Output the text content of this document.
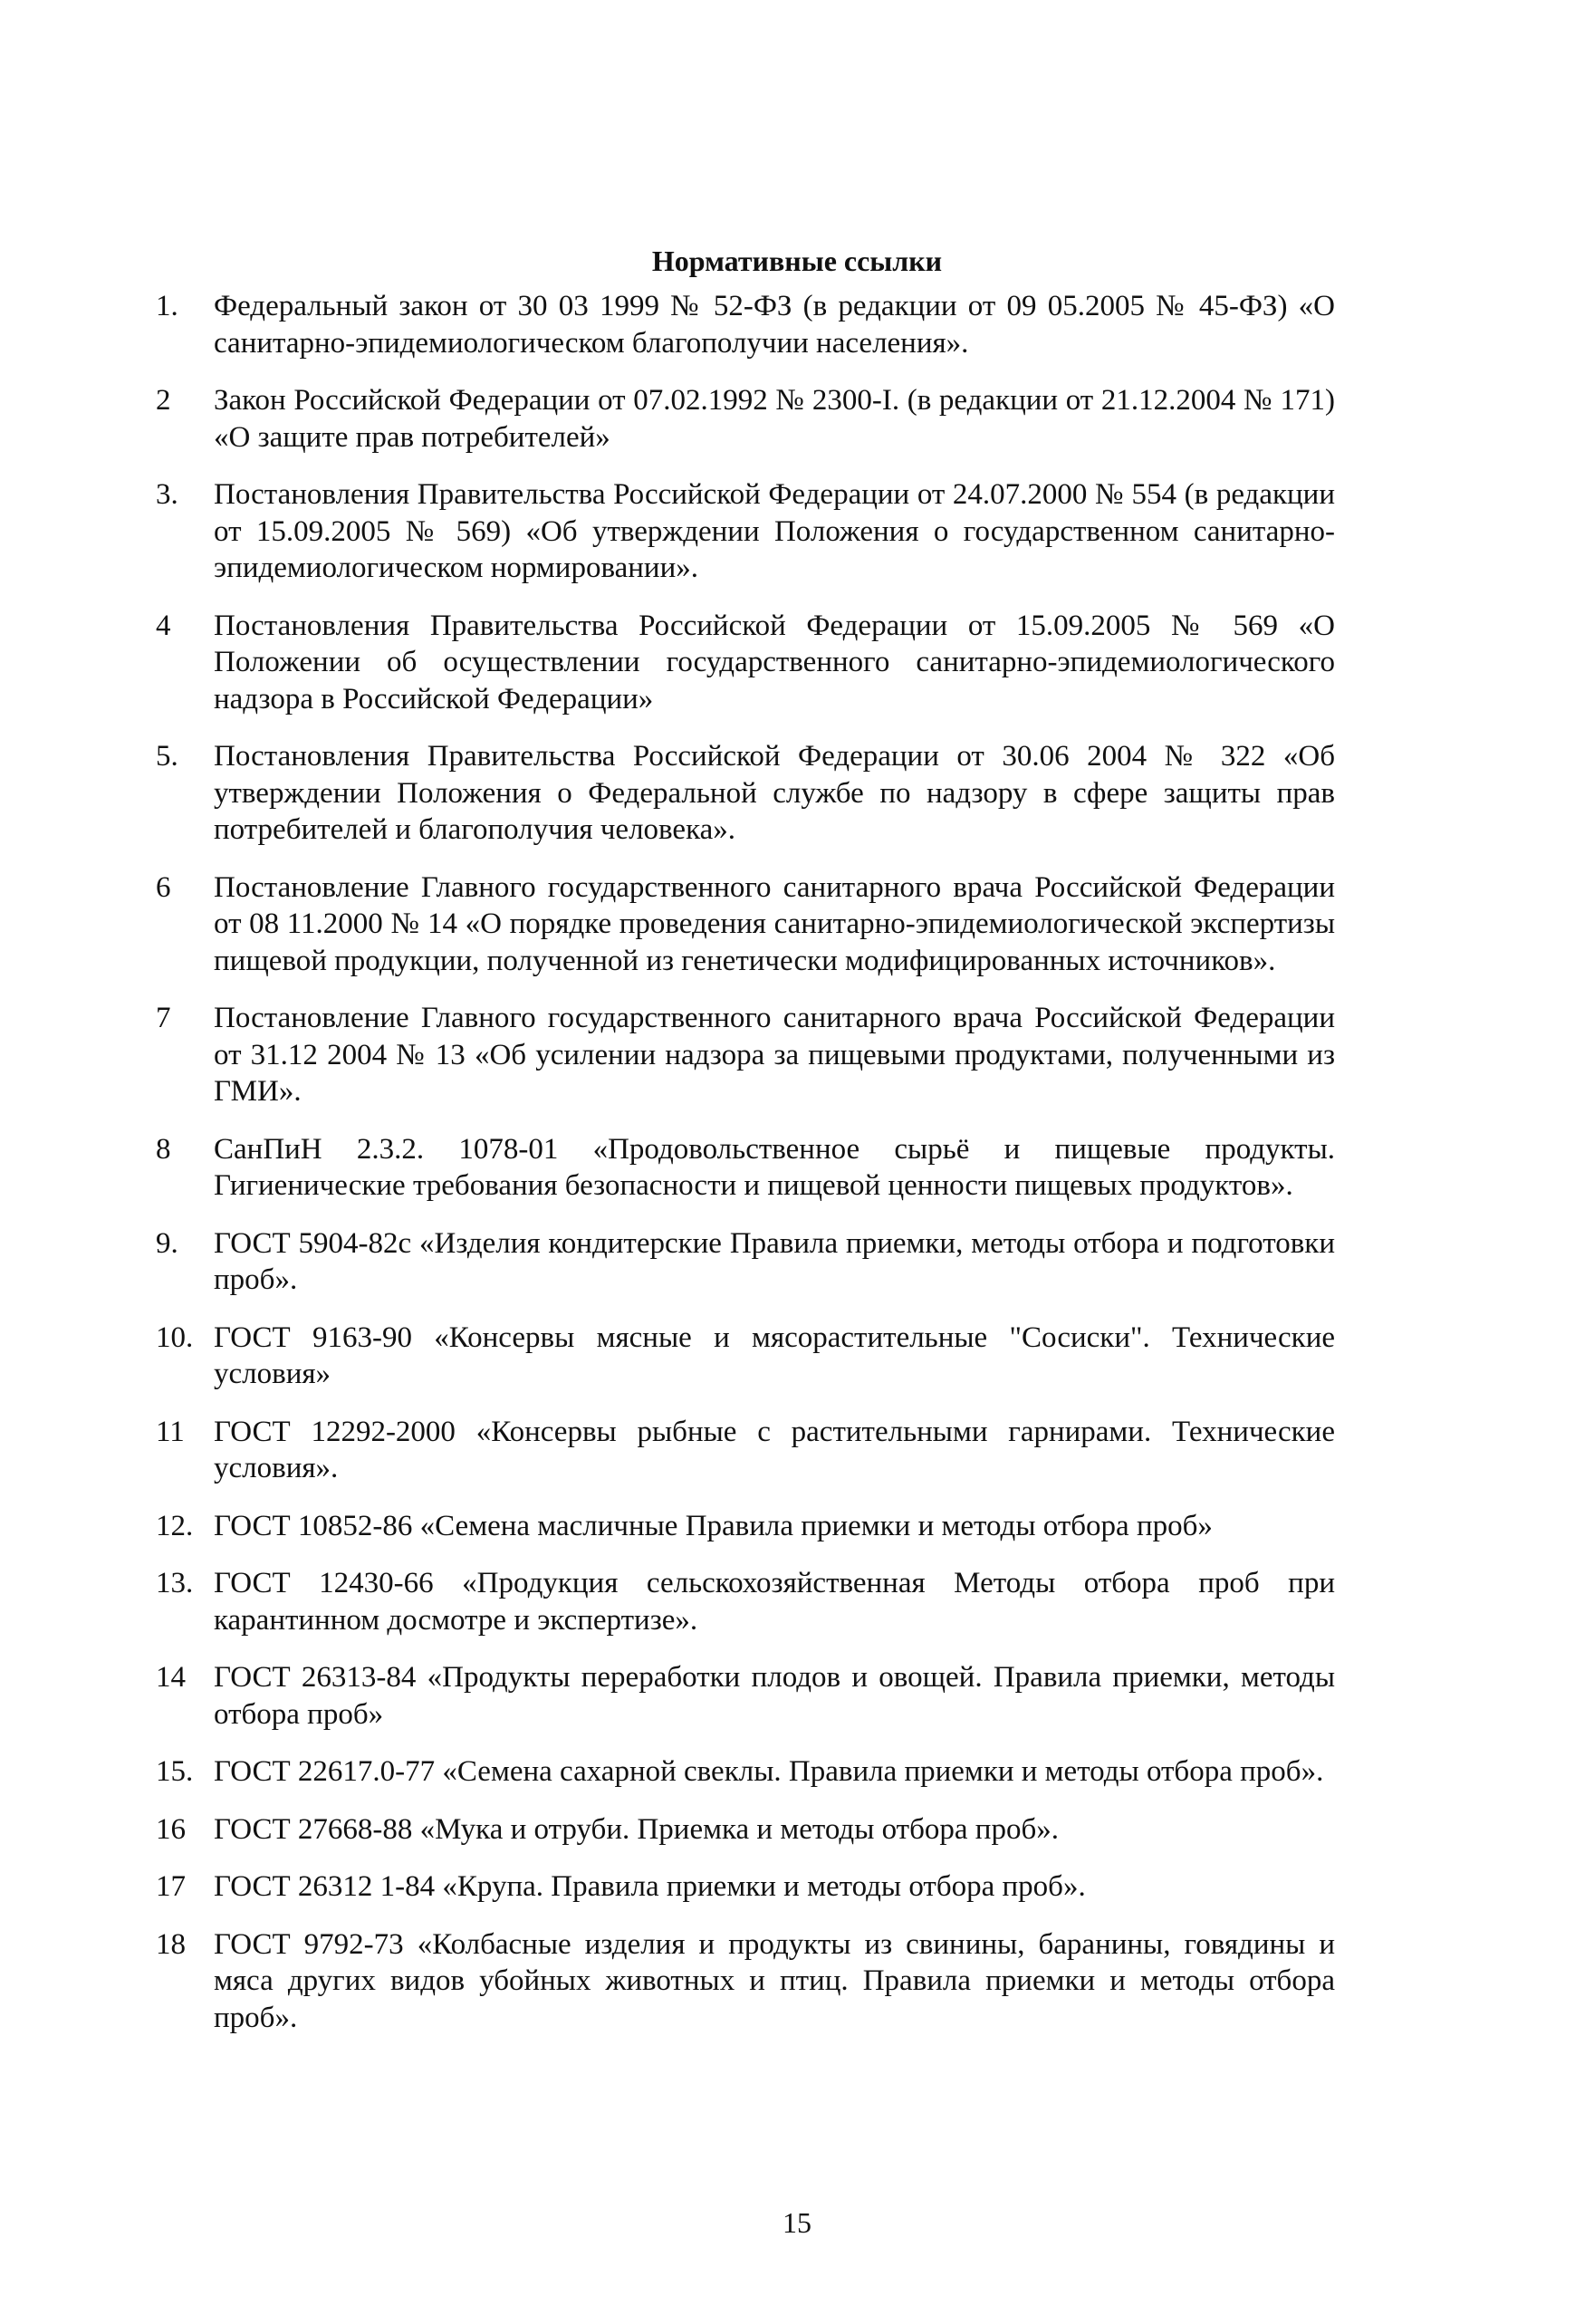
Нормативные ссылки
1.	Федеральный закон от 30 03 1999 № 52-ФЗ (в редакции от 09 05.2005 № 45-ФЗ) «О санитарно-эпидемиологическом благополучии населения».
2	Закон Российской Федерации от 07.02.1992 № 2300-I. (в редакции от 21.12.2004 № 171) «О защите прав потребителей»
3.	Постановления Правительства Российской Федерации от 24.07.2000 № 554 (в редакции от 15.09.2005 № 569) «Об утверждении Положения о государственном санитарно-эпидемиологическом нормировании».
4	Постановления Правительства Российской Федерации от 15.09.2005 № 569 «О Положении об осуществлении государственного санитарно-эпидемиологического надзора в Российской Федерации»
5.	Постановления Правительства Российской Федерации от 30.06 2004 № 322 «Об утверждении Положения о Федеральной службе по надзору в сфере защиты прав потребителей и благополучия человека».
6	Постановление Главного государственного санитарного врача Российской Федерации от 08 11.2000 № 14 «О порядке проведения санитарно-эпидемиологической экспертизы пищевой продукции, полученной из генетически модифицированных источников».
7	Постановление Главного государственного санитарного врача Российской Федерации от 31.12 2004 № 13 «Об усилении надзора за пищевыми продуктами, полученными из ГМИ».
8	СанПиН 2.3.2. 1078-01 «Продовольственное сырьё и пищевые продукты. Гигиенические требования безопасности и пищевой ценности пищевых продуктов».
9.	ГОСТ 5904-82с «Изделия кондитерские Правила приемки, методы отбора и подготовки проб».
10. ГОСТ 9163-90 «Консервы мясные и мясорастительные "Сосиски". Технические условия»
11 ГОСТ 12292-2000 «Консервы рыбные с растительными гарнирами. Технические условия».
12. ГОСТ 10852-86 «Семена масличные Правила приемки и методы отбора проб»
13. ГОСТ 12430-66 «Продукция сельскохозяйственная Методы отбора проб при карантинном досмотре и экспертизе».
14 ГОСТ 26313-84 «Продукты переработки плодов и овощей. Правила приемки, методы отбора проб»
15. ГОСТ 22617.0-77 «Семена сахарной свеклы. Правила приемки и методы отбора проб».
16 ГОСТ 27668-88 «Мука и отруби. Приемка и методы отбора проб».
17 ГОСТ 26312 1-84 «Крупа. Правила приемки и методы отбора проб».
18 ГОСТ 9792-73 «Колбасные изделия и продукты из свинины, баранины, говядины и мяса других видов убойных животных и птиц. Правила приемки и методы отбора проб».
15
